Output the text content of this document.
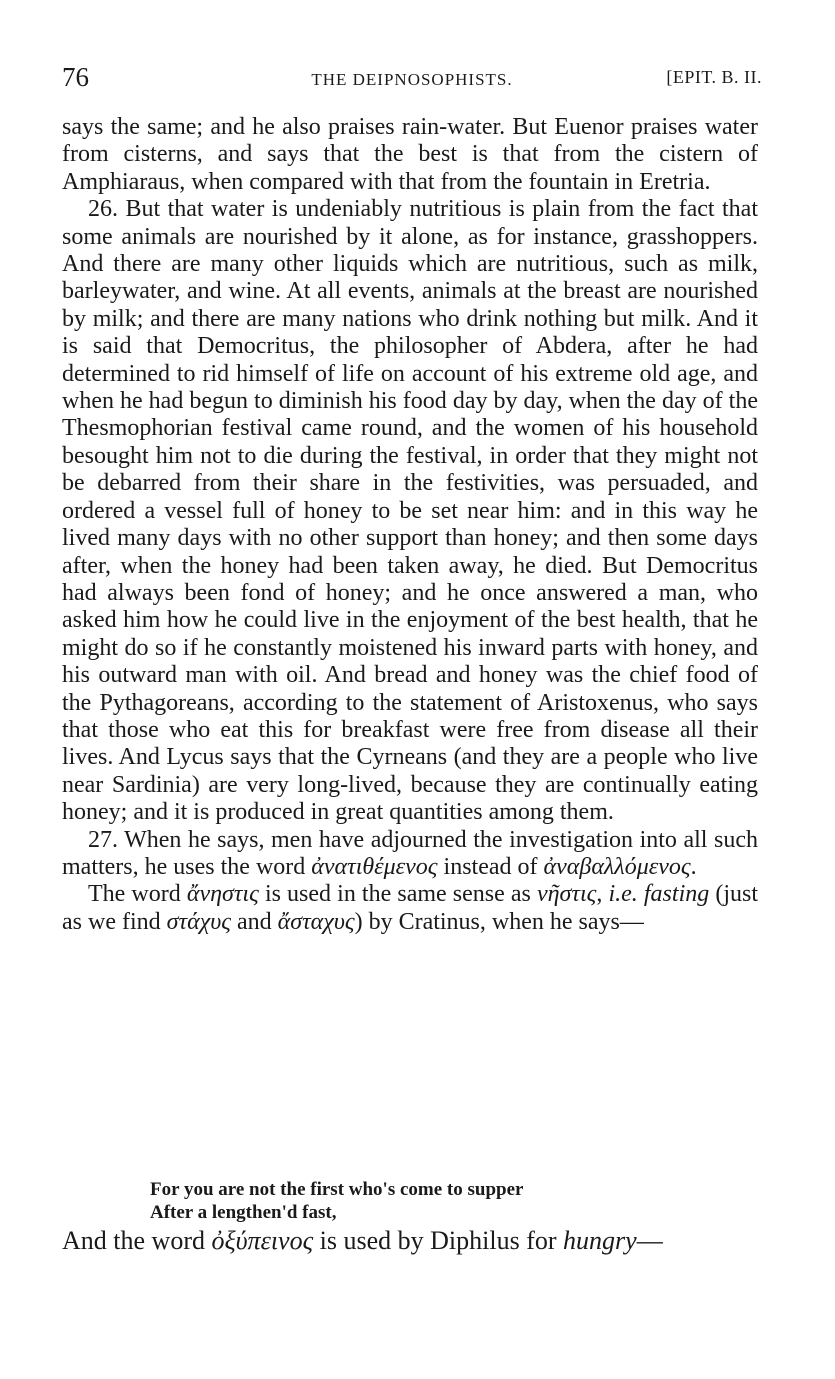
76	THE DEIPNOSOPHISTS.	[EPIT. B. II.

says the same; and he also praises rain-water. But Euenor praises water from cisterns, and says that the best is that from the cistern of Amphiaraus, when compared with that from the fountain in Eretria.

26. But that water is undeniably nutritious is plain from the fact that some animals are nourished by it alone, as for instance, grasshoppers. And there are many other liquids which are nutritious, such as milk, barleywater, and wine. At all events, animals at the breast are nourished by milk; and there are many nations who drink nothing but milk. And it is said that Democritus, the philosopher of Abdera, after he had determined to rid himself of life on account of his extreme old age, and when he had begun to diminish his food day by day, when the day of the Thesmophorian festival came round, and the women of his household besought him not to die during the festival, in order that they might not be debarred from their share in the festivities, was persuaded, and ordered a vessel full of honey to be set near him: and in this way he lived many days with no other support than honey; and then some days after, when the honey had been taken away, he died. But Democritus had always been fond of honey; and he once answered a man, who asked him how he could live in the enjoyment of the best health, that he might do so if he constantly moistened his inward parts with honey, and his outward man with oil. And bread and honey was the chief food of the Pythagoreans, according to the statement of Aristoxenus, who says that those who eat this for breakfast were free from disease all their lives. And Lycus says that the Cyrneans (and they are a people who live near Sardinia) are very long-lived, because they are continually eating honey; and it is produced in great quantities among them.

27. When he says, men have adjourned the investigation into all such matters, he uses the word ἀνατιθέμενος instead of ἀναβαλλόμενος.

The word ἄνηστις is used in the same sense as νῆστις, i.e. fasting (just as we find στάχυς and ἄσταχυς) by Cratinus, when he says—

For you are not the first who's come to supper
After a lengthen'd fast,
And the word ὀξύπεινος is used by Diphilus for hungry—
